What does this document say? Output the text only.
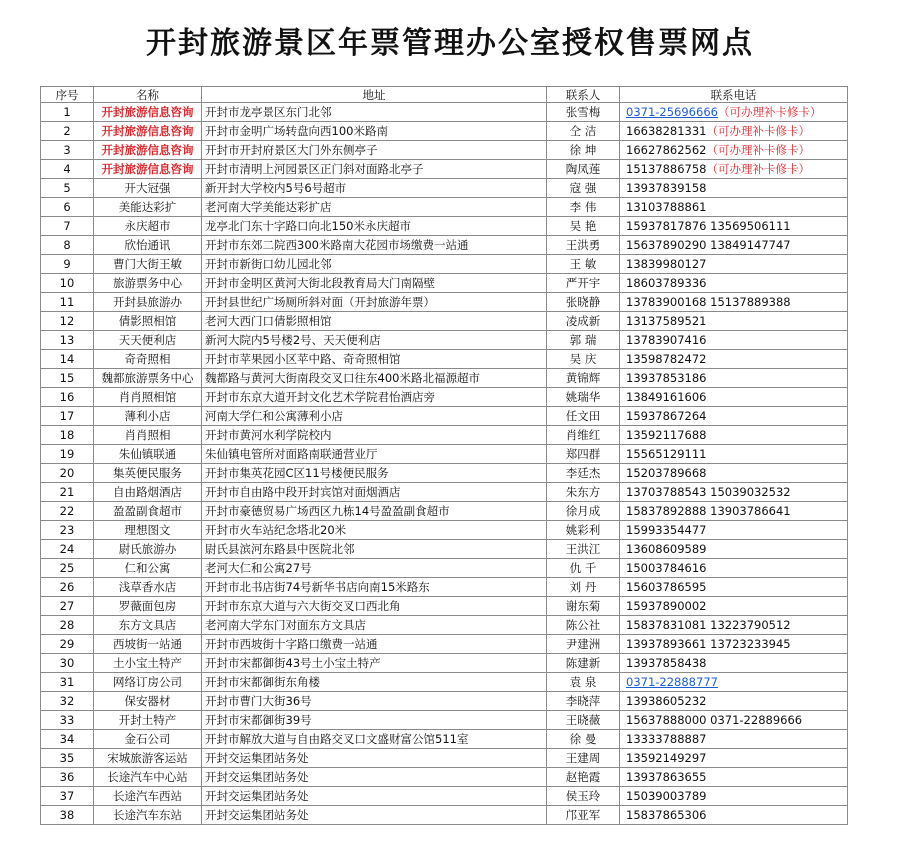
开封旅游景区年票管理办公室授权售票网点
序号	名称	地址	联系人	联系电话
1	开封旅游信息咨询	开封市龙亭景区东门北邻	张雪梅	0371-25696666（可办理补卡修卡）
2	开封旅游信息咨询	开封市金明广场转盘向西100米路南	仝 洁	16638281331（可办理补卡修卡）
3	开封旅游信息咨询	开封市开封府景区大门外东侧亭子	徐 坤	16627862562（可办理补卡修卡）
4	开封旅游信息咨询	开封市清明上河园景区正门斜对面路北亭子	陶凤莲	15137886758（可办理补卡修卡）
5	开大冠强	新开封大学校内5号6号超市	寇 强	13937839158
6	美能达彩扩	老河南大学美能达彩扩店	李 伟	13103788861
7	永庆超市	龙亭北门东十字路口向北150米永庆超市	吴 艳	15937817876 13569506111
8	欣怡通讯	开封市东郊二院西300米路南大花园市场缴费一站通	王洪勇	15637890290 13849147747
9	曹门大街王敏	开封市新街口幼儿园北邻	王 敏	13839980127
10	旅游票务中心	开封市金明区黄河大街北段教育局大门南隔壁	严开宇	18603789336
11	开封县旅游办	开封县世纪广场厕所斜对面（开封旅游年票）	张晓静	13783900168 15137889388
12	倩影照相馆	老河大西门口倩影照相馆	凌成新	13137589521
13	天天便利店	新河大院内5号楼2号、天天便利店	郭 瑞	13783907416
14	奇奇照相	开封市苹果园小区苹中路、奇奇照相馆	吴 庆	13598782472
15	魏都旅游票务中心	魏都路与黄河大街南段交叉口往东400米路北福源超市	黄锦辉	13937853186
16	肖肖照相馆	开封市东京大道开封文化艺术学院君怡酒店旁	姚瑞华	13849161606
17	薄利小店	河南大学仁和公寓薄利小店	任文田	15937867264
18	肖肖照相	开封市黄河水利学院校内	肖维红	13592117688
19	朱仙镇联通	朱仙镇电管所对面路南联通营业厅	郑四群	15565129111
20	集英便民服务	开封市集英花园C区11号楼便民服务	李廷杰	15203789668
21	自由路烟酒店	开封市自由路中段开封宾馆对面烟酒店	朱东方	13703788543 15039032532
22	盈盈副食超市	开封市豪德贸易广场西区九栋14号盈盈副食超市	徐月成	15837892888 13903786641
23	理想图文	开封市火车站纪念塔北20米	姚彩利	15993354477
24	尉氏旅游办	尉氏县滨河东路县中医院北邻	王洪江	13608609589
25	仁和公寓	老河大仁和公寓27号	仇 千	15003784616
26	浅草香水店	开封市北书店街74号新华书店向南15米路东	刘 丹	15603786595
27	罗薇面包房	开封市东京大道与六大街交叉口西北角	谢东菊	15937890002
28	东方文具店	老河南大学东门对面东方文具店	陈公社	15837831081 13223790512
29	西坡街一站通	开封市西坡街十字路口缴费一站通	尹建洲	13937893661 13723233945
30	土小宝土特产	开封市宋都御街43号土小宝土特产	陈建新	13937858438
31	网络订房公司	开封市宋都御街东角楼	袁 泉	0371-22888777
32	保安器材	开封市曹门大街36号	李晓萍	13938605232
33	开封土特产	开封市宋都御街39号	王晓薇	15637888000 0371-22889666
34	金石公司	开封市解放大道与自由路交叉口文盛财富公馆511室	徐 曼	13333788887
35	宋城旅游客运站	开封交运集团站务处	王建周	13592149297
36	长途汽车中心站	开封交运集团站务处	赵艳霞	13937863655
37	长途汽车西站	开封交运集团站务处	侯玉玲	15039003789
38	长途汽车东站	开封交运集团站务处	邝亚军	15837865306
